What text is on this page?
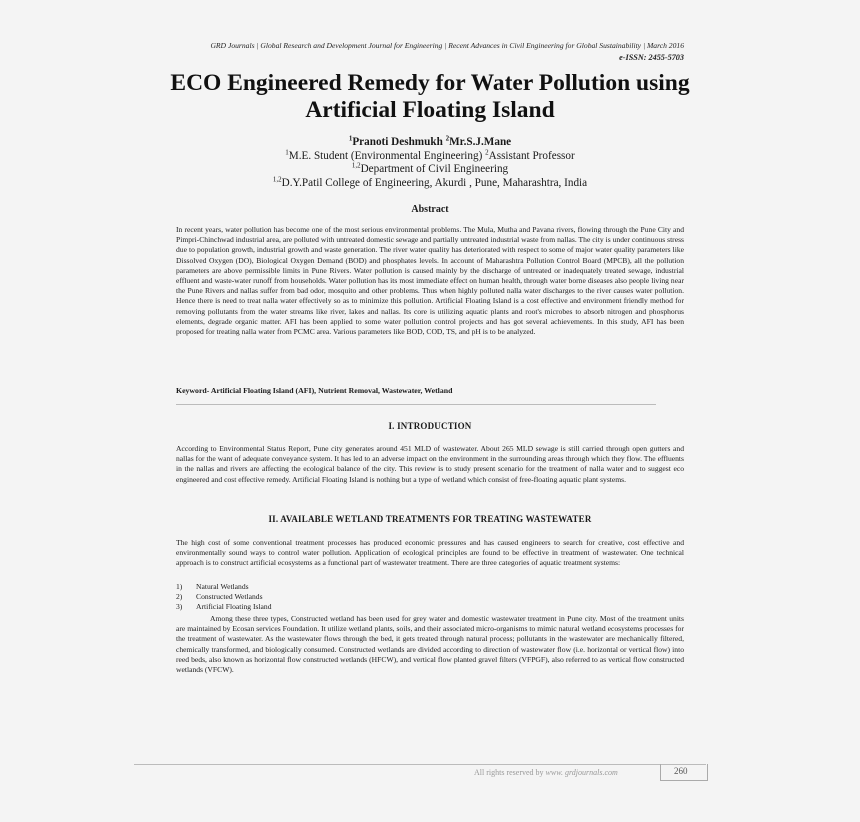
GRD Journals | Global Research and Development Journal for Engineering | Recent Advances in Civil Engineering for Global Sustainability | March 2016
e-ISSN: 2455-5703
ECO Engineered Remedy for Water Pollution using Artificial Floating Island
$^1$Pranoti Deshmukh $^2$Mr.S.J.Mane
$^1$M.E. Student (Environmental Engineering) $^2$Assistant Professor
$^{1,2}$Department of Civil Engineering
$^{1,2}$D.Y.Patil College of Engineering, Akurdi , Pune, Maharashtra, India
Abstract

In recent years, water pollution has become one of the most serious environmental problems. The Mula, Mutha and Pavana rivers, flowing through the Pune City and Pimpri-Chinchwad industrial area, are polluted with untreated domestic sewage and partially untreated industrial waste from nallas. The city is under continuous stress due to population growth, industrial growth and waste generation. The river water quality has deteriorated with respect to some of major water quality parameters like Dissolved Oxygen (DO), Biological Oxygen Demand (BOD) and phosphates levels. In account of Maharashtra Pollution Control Board (MPCB), all the pollution parameters are above permissible limits in Pune Rivers. Water pollution is caused mainly by the discharge of untreated or inadequately treated sewage, industrial effluent and waste-water runoff from households. Water pollution has its most immediate effect on human health, through water borne diseases also people living near the Pune Rivers and nallas suffer from bad odor, mosquito and other problems. Thus when highly polluted nalla water discharges to the river causes water pollution. Hence there is need to treat nalla water effectively so as to minimize this pollution. Artificial Floating Island is a cost effective and environment friendly method for removing pollutants from the water streams like river, lakes and nallas. Its core is utilizing aquatic plants and root's microbes to absorb nitrogen and phosphorus elements, degrade organic matter. AFI has been applied to some water pollution control projects and has got several achievements. In this study, AFI has been proposed for treating nalla water from PCMC area. Various parameters like BOD, COD, TS, and pH is to be analyzed.

Keyword- Artificial Floating Island (AFI), Nutrient Removal, Wastewater, Wetland

I. INTRODUCTION

According to Environmental Status Report, Pune city generates around 451 MLD of wastewater. About 265 MLD sewage is still carried through open gutters and nallas for the want of adequate conveyance system. It has led to an adverse impact on the environment in the surrounding areas through which they flow. The effluents in the nallas and rivers are affecting the ecological balance of the city. This review is to study present scenario for the treatment of nalla water and to suggest eco engineered and cost effective remedy. Artificial Floating Island is nothing but a type of wetland which consist of free-floating aquatic plant systems.

II. AVAILABLE WETLAND TREATMENTS FOR TREATING WASTEWATER

The high cost of some conventional treatment processes has produced economic pressures and has caused engineers to search for creative, cost effective and environmentally sound ways to control water pollution. Application of ecological principles are found to be effective in treatment of wastewater. One technical approach is to construct artificial ecosystems as a functional part of wastewater treatment. There are three categories of aquatic treatment systems:

1)	Natural Wetlands
2)	Constructed Wetlands
3)	Artificial Floating Island

Among these three types, Constructed wetland has been used for grey water and domestic wastewater treatment in Pune city. Most of the treatment units are maintained by Ecosan services Foundation. It utilize wetland plants, soils, and their associated micro-organisms to mimic natural wetland ecosystems processes for the treatment of wastewater. As the wastewater flows through the bed, it gets treated through natural process; pollutants in the wastewater are mechanically filtered, chemically transformed, and biologically consumed. Constructed wetlands are divided according to direction of wastewater flow (i.e. horizontal or vertical flow) into reed beds, also known as horizontal flow constructed wetlands (HFCW), and vertical flow planted gravel filters (VFPGF), also referred to as vertical flow constructed wetlands (VFCW).

All rights reserved by www. grdjournals.com	260
